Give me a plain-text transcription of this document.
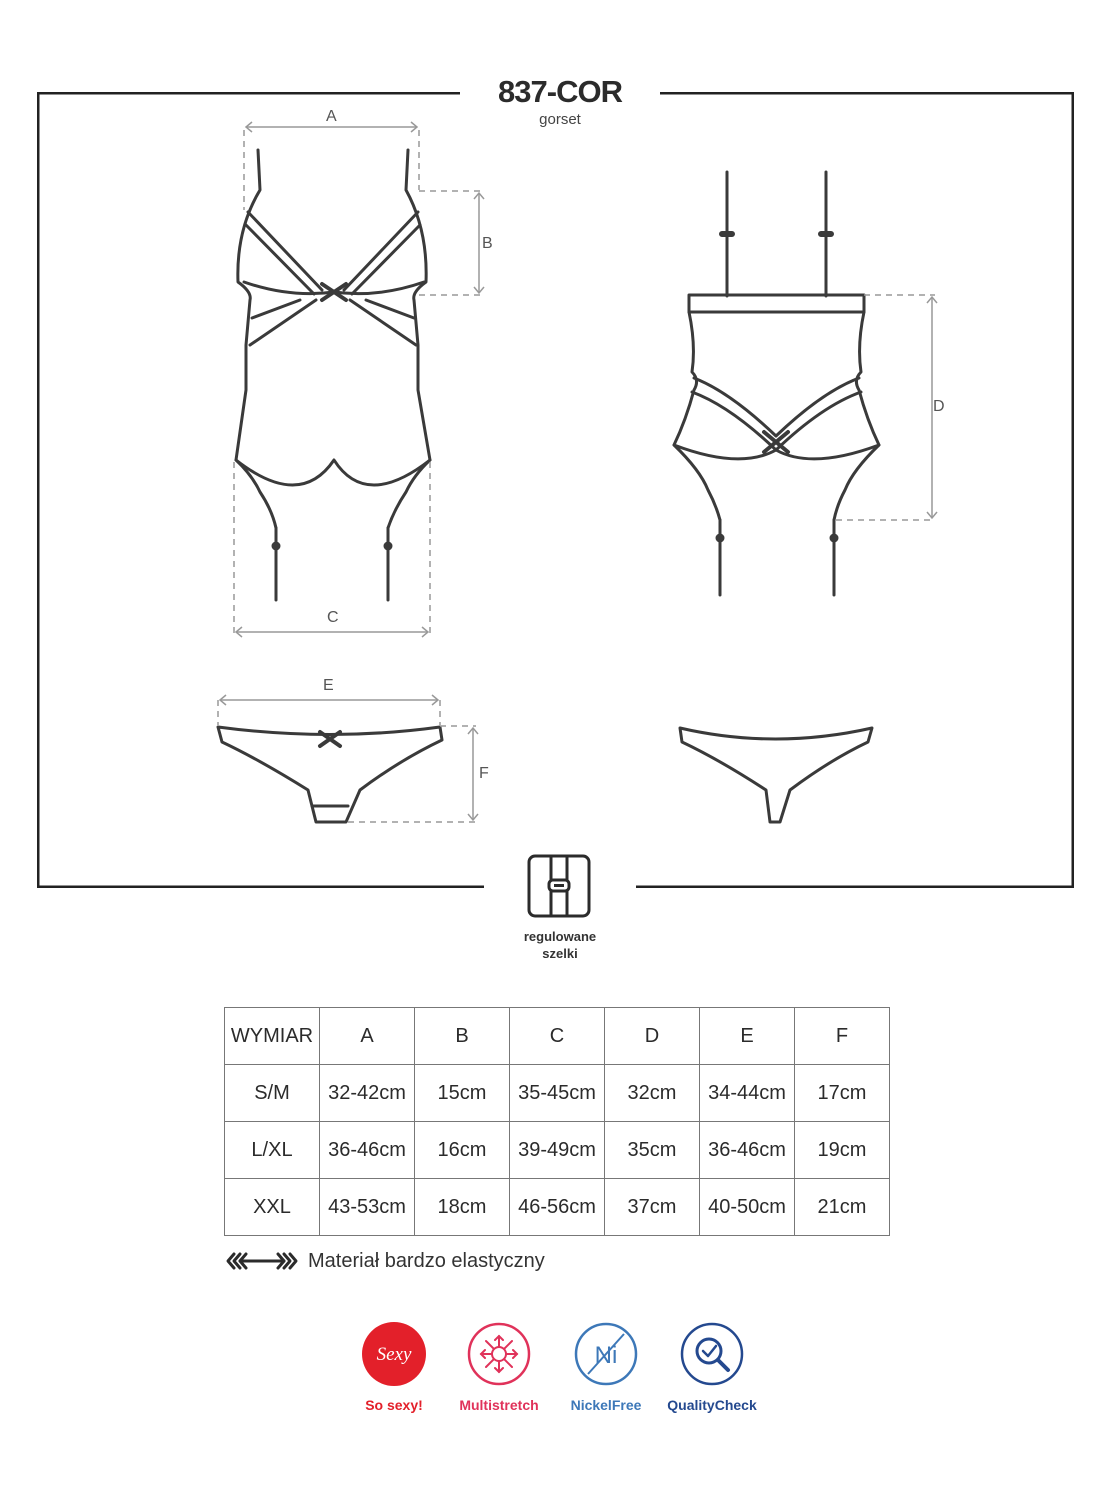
837-COR
gorset
A
B
C
D
E
F
regulowane
szelki
WYMIAR	A	B	C	D	E	F
S/M	32-42cm	15cm	35-45cm	32cm	34-44cm	17cm
L/XL	36-46cm	16cm	39-49cm	35cm	36-46cm	19cm
XXL	43-53cm	18cm	46-56cm	37cm	40-50cm	21cm
Materiał bardzo elastyczny
Sexy
So sexy!	Multistretch
Ni
NickelFree	QualityCheck
